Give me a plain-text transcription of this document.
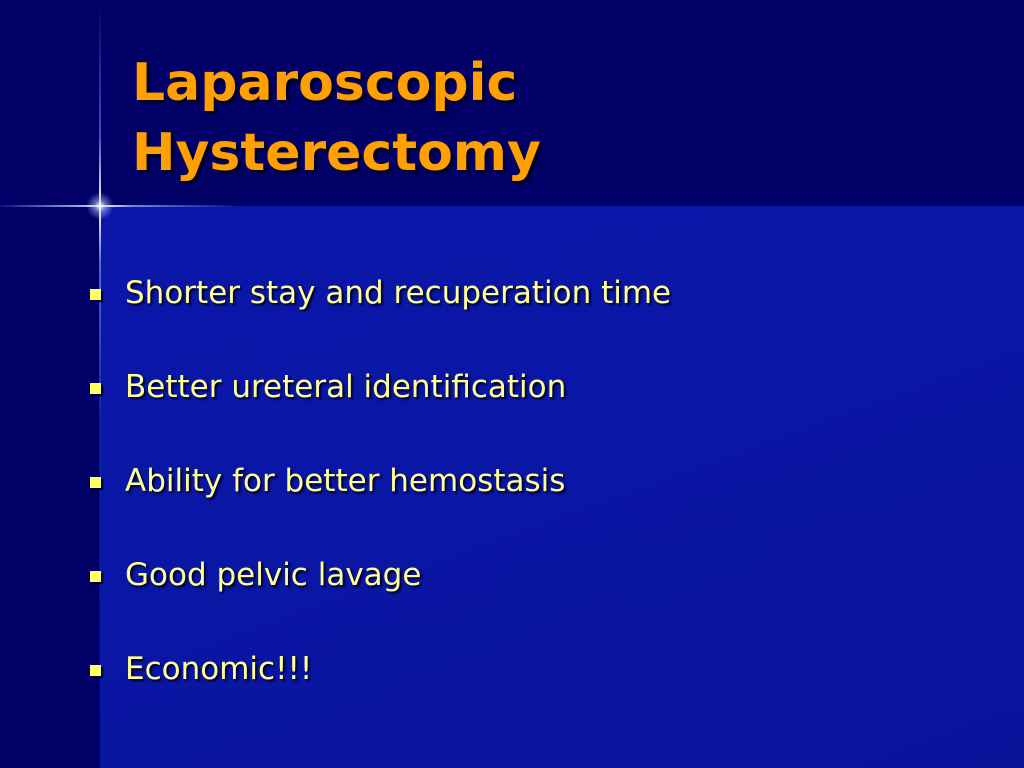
Laparoscopic
Hysterectomy
Shorter stay and recuperation time
Better ureteral identification
Ability for better hemostasis
Good pelvic lavage
Economic!!!
